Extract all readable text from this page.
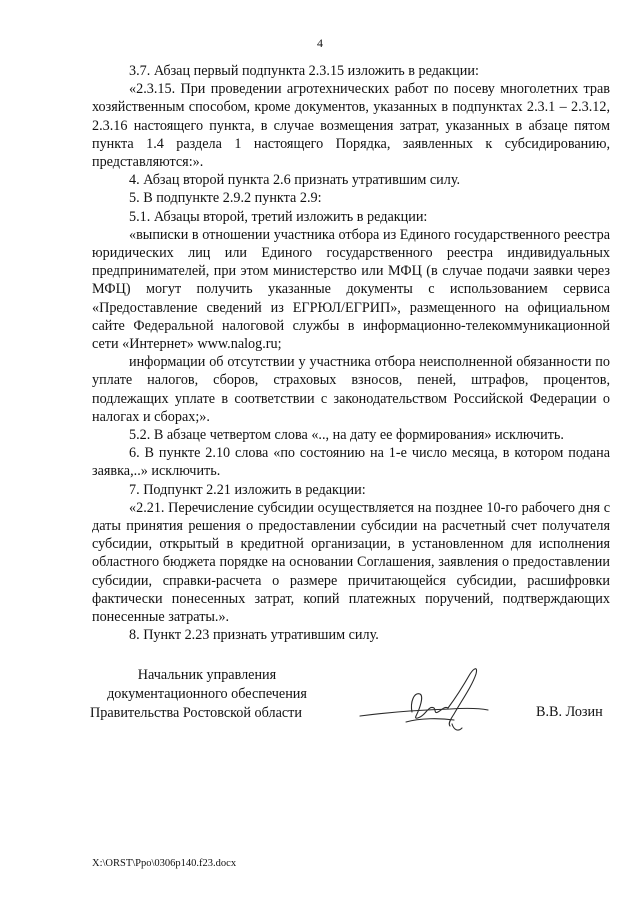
4

3.7. Абзац первый подпункта 2.3.15 изложить в редакции:

«2.3.15. При проведении агротехнических работ по посеву многолетних трав хозяйственным способом, кроме документов, указанных в подпунктах 2.3.1 – 2.3.12, 2.3.16 настоящего пункта, в случае возмещения затрат, указанных в абзаце пятом пункта 1.4 раздела 1 настоящего Порядка, заявленных к субсидированию, представляются:».

4. Абзац второй пункта 2.6 признать утратившим силу.

5. В подпункте 2.9.2 пункта 2.9:

5.1. Абзацы второй, третий изложить в редакции:

«выписки в отношении участника отбора из Единого государственного реестра юридических лиц или Единого государственного реестра индивидуальных предпринимателей, при этом министерство или МФЦ (в случае подачи заявки через МФЦ) могут получить указанные документы с использованием сервиса «Предоставление сведений из ЕГРЮЛ/ЕГРИП», размещенного на официальном сайте Федеральной налоговой службы в информационно-телекоммуникационной сети «Интернет» www.nalog.ru;

информации об отсутствии у участника отбора неисполненной обязанности по уплате налогов, сборов, страховых взносов, пеней, штрафов, процентов, подлежащих уплате в соответствии с законодательством Российской Федерации о налогах и сборах;».

5.2. В абзаце четвертом слова «.., на дату ее формирования» исключить.

6. В пункте 2.10 слова «по состоянию на 1-е число месяца, в котором подана заявка,..» исключить.

7. Подпункт 2.21 изложить в редакции:

«2.21. Перечисление субсидии осуществляется на позднее 10-го рабочего дня с даты принятия решения о предоставлении субсидии на расчетный счет получателя субсидии, открытый в кредитной организации, в установленном для исполнения областного бюджета порядке на основании Соглашения, заявления о предоставлении субсидии, справки-расчета о размере причитающейся субсидии, расшифровки фактически понесенных затрат, копий платежных поручений, подтверждающих понесенные затраты.».

8. Пункт 2.23 признать утратившим силу.

Начальник управления
документационного обеспечения
Правительства Ростовской области	В.В. Лозин
X:\ORST\Ppo\0306p140.f23.docx
